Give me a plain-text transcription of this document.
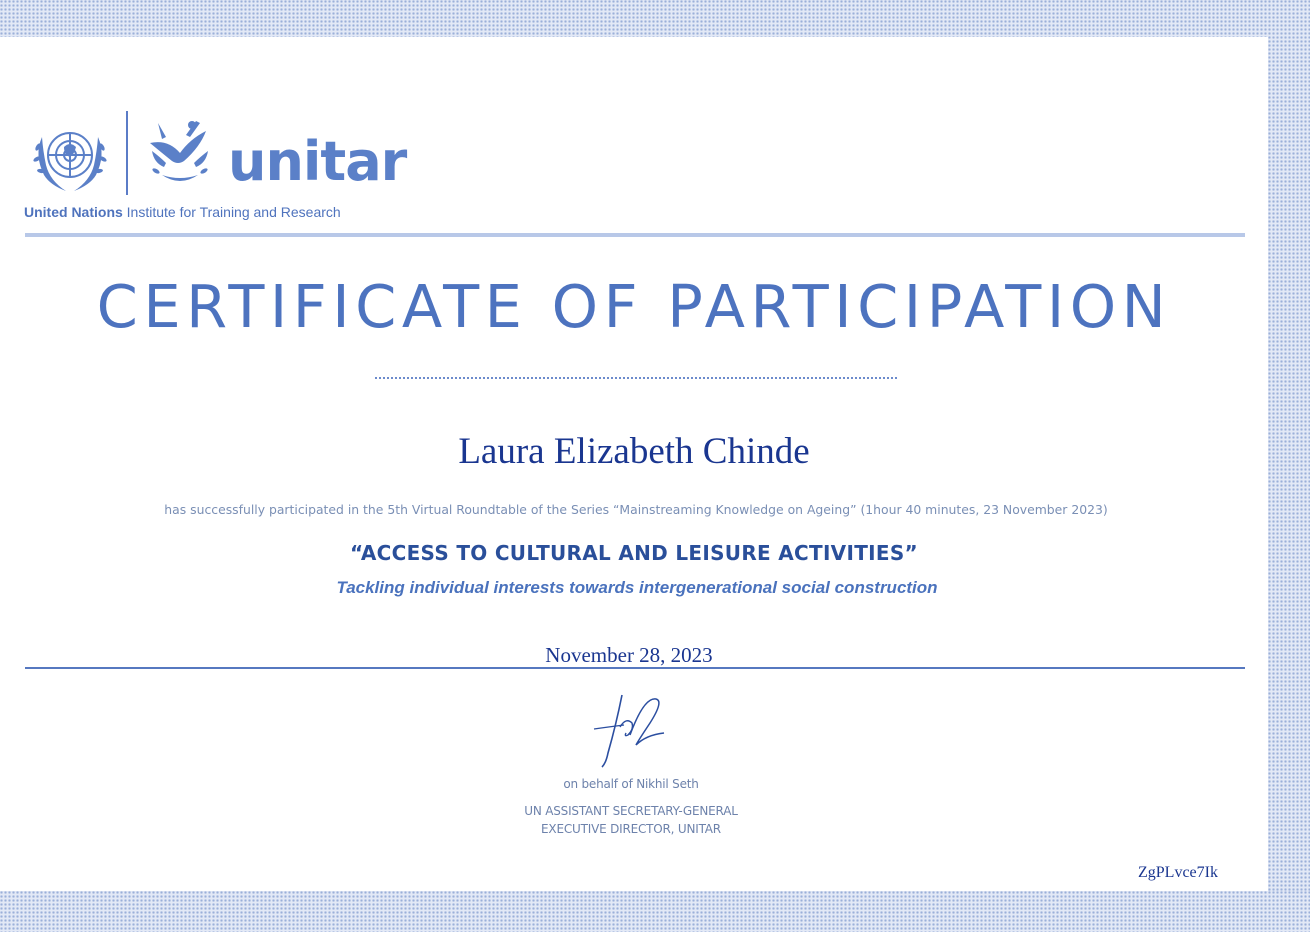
unitar
United Nations Institute for Training and Research
CERTIFICATE OF PARTICIPATION
Laura Elizabeth Chinde
has successfully participated in the 5th Virtual Roundtable of the Series “Mainstreaming Knowledge on Ageing” (1hour 40 minutes, 23 November 2023)
“ACCESS TO CULTURAL AND LEISURE ACTIVITIES”
Tackling individual interests towards intergenerational social construction
November 28, 2023
on behalf of Nikhil Seth
UN ASSISTANT SECRETARY-GENERAL
EXECUTIVE DIRECTOR, UNITAR
ZgPLvce7Ik
